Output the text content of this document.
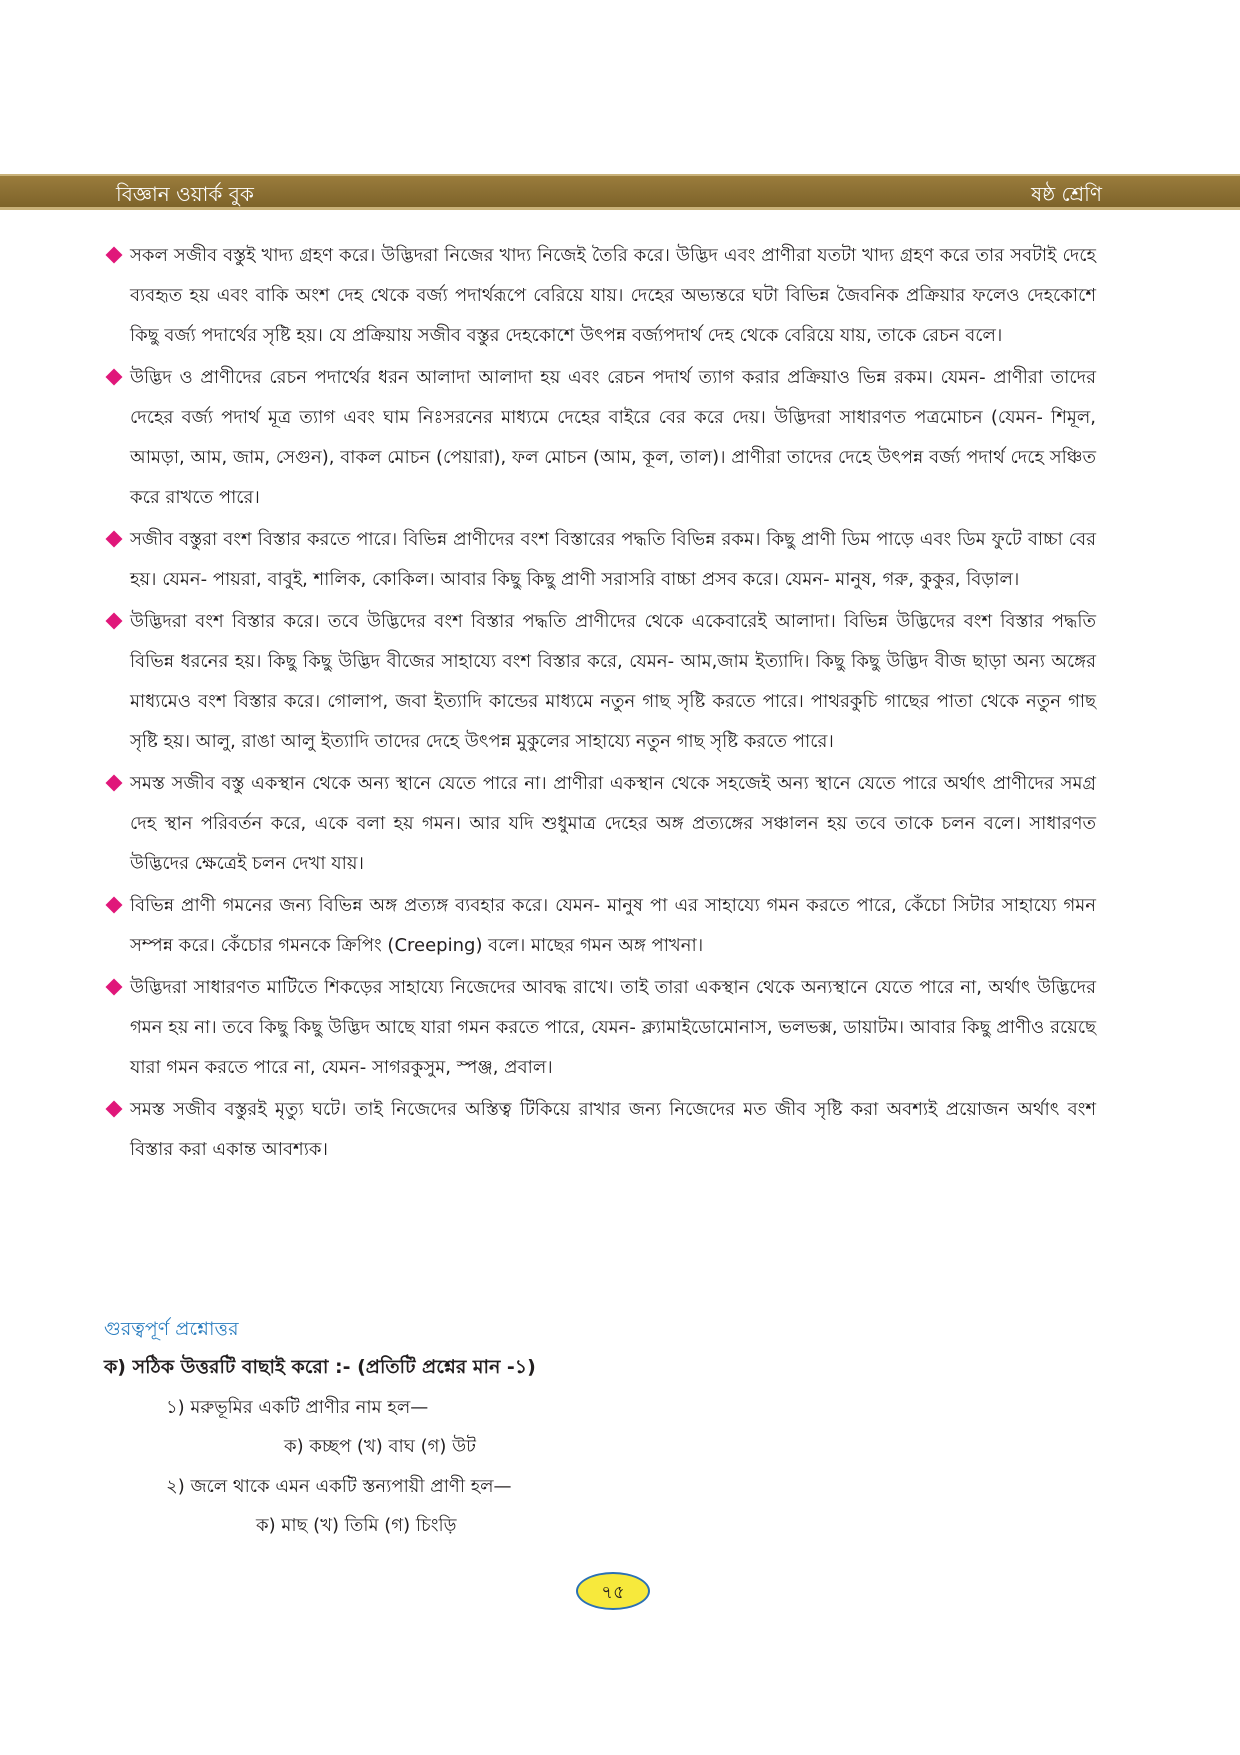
বিজ্ঞান ওয়ার্ক বুক	ষষ্ঠ শ্রেণি

সকল সজীব বস্তুই খাদ্য গ্রহণ করে। উদ্ভিদরা নিজের খাদ্য নিজেই তৈরি করে। উদ্ভিদ এবং প্রাণীরা যতটা খাদ্য গ্রহণ করে তার সবটাই দেহে ব্যবহৃত হয় এবং বাকি অংশ দেহ থেকে বর্জ্য পদার্থরূপে বেরিয়ে যায়। দেহের অভ্যন্তরে ঘটা বিভিন্ন জৈবনিক প্রক্রিয়ার ফলেও দেহকোশে কিছু বর্জ্য পদার্থের সৃষ্টি হয়। যে প্রক্রিয়ায় সজীব বস্তুর দেহকোশে উৎপন্ন বর্জ্যপদার্থ দেহ থেকে বেরিয়ে যায়, তাকে রেচন বলে।

উদ্ভিদ ও প্রাণীদের রেচন পদার্থের ধরন আলাদা আলাদা হয় এবং রেচন পদার্থ ত্যাগ করার প্রক্রিয়াও ভিন্ন রকম। যেমন- প্রাণীরা তাদের দেহের বর্জ্য পদার্থ মূত্র ত্যাগ এবং ঘাম নিঃসরনের মাধ্যমে দেহের বাইরে বের করে দেয়। উদ্ভিদরা সাধারণত পত্রমোচন (যেমন- শিমূল, আমড়া, আম, জাম, সেগুন), বাকল মোচন (পেয়ারা), ফল মোচন (আম, কূল, তাল)। প্রাণীরা তাদের দেহে উৎপন্ন বর্জ্য পদার্থ দেহে সঞ্চিত করে রাখতে পারে।

সজীব বস্তুরা বংশ বিস্তার করতে পারে। বিভিন্ন প্রাণীদের বংশ বিস্তারের পদ্ধতি বিভিন্ন রকম। কিছু প্রাণী ডিম পাড়ে এবং ডিম ফুটে বাচ্চা বের হয়। যেমন- পায়রা, বাবুই, শালিক, কোকিল। আবার কিছু কিছু প্রাণী সরাসরি বাচ্চা প্রসব করে। যেমন- মানুষ, গরু, কুকুর, বিড়াল।

উদ্ভিদরা বংশ বিস্তার করে। তবে উদ্ভিদের বংশ বিস্তার পদ্ধতি প্রাণীদের থেকে একেবারেই আলাদা। বিভিন্ন উদ্ভিদের বংশ বিস্তার পদ্ধতি বিভিন্ন ধরনের হয়। কিছু কিছু উদ্ভিদ বীজের সাহায্যে বংশ বিস্তার করে, যেমন- আম,জাম ইত্যাদি। কিছু কিছু উদ্ভিদ বীজ ছাড়া অন্য অঙ্গের মাধ্যমেও বংশ বিস্তার করে। গোলাপ, জবা ইত্যাদি কান্ডের মাধ্যমে নতুন গাছ সৃষ্টি করতে পারে। পাথরকুচি গাছের পাতা থেকে নতুন গাছ সৃষ্টি হয়। আলু, রাঙা আলু ইত্যাদি তাদের দেহে উৎপন্ন মুকুলের সাহায্যে নতুন গাছ সৃষ্টি করতে পারে।

সমস্ত সজীব বস্তু একস্থান থেকে অন্য স্থানে যেতে পারে না। প্রাণীরা একস্থান থেকে সহজেই অন্য স্থানে যেতে পারে অর্থাৎ প্রাণীদের সমগ্র দেহ স্থান পরিবর্তন করে, একে বলা হয় গমন। আর যদি শুধুমাত্র দেহের অঙ্গ প্রত্যঙ্গের সঞ্চালন হয় তবে তাকে চলন বলে। সাধারণত উদ্ভিদের ক্ষেত্রেই চলন দেখা যায়।

বিভিন্ন প্রাণী গমনের জন্য বিভিন্ন অঙ্গ প্রত্যঙ্গ ব্যবহার করে। যেমন- মানুষ পা এর সাহায্যে গমন করতে পারে, কেঁচো সিটার সাহায্যে গমন সম্পন্ন করে। কেঁচোর গমনকে ক্রিপিং (Creeping) বলে। মাছের গমন অঙ্গ পাখনা।

উদ্ভিদরা সাধারণত মাটিতে শিকড়ের সাহায্যে নিজেদের আবদ্ধ রাখে। তাই তারা একস্থান থেকে অন্যস্থানে যেতে পারে না, অর্থাৎ উদ্ভিদের গমন হয় না। তবে কিছু কিছু উদ্ভিদ আছে যারা গমন করতে পারে, যেমন- ক্ল্যামাইডোমোনাস, ভলভক্স, ডায়াটম। আবার কিছু প্রাণীও রয়েছে যারা গমন করতে পারে না, যেমন- সাগরকুসুম, স্পঞ্জ, প্রবাল।

সমস্ত সজীব বস্তুরই মৃত্যু ঘটে। তাই নিজেদের অস্তিত্ব টিকিয়ে রাখার জন্য নিজেদের মত জীব সৃষ্টি করা অবশ্যই প্রয়োজন অর্থাৎ বংশ বিস্তার করা একান্ত আবশ্যক।

গুরত্বপূর্ণ প্রশ্নোত্তর
ক) সঠিক উত্তরটি বাছাই করো :- (প্রতিটি প্রশ্নের মান -১)
১) মরুভূমির একটি প্রাণীর নাম হল—
ক) কচ্ছপ (খ) বাঘ (গ) উট
২) জলে থাকে এমন একটি স্তন্যপায়ী প্রাণী হল—
ক) মাছ (খ) তিমি (গ) চিংড়ি
৭৫
